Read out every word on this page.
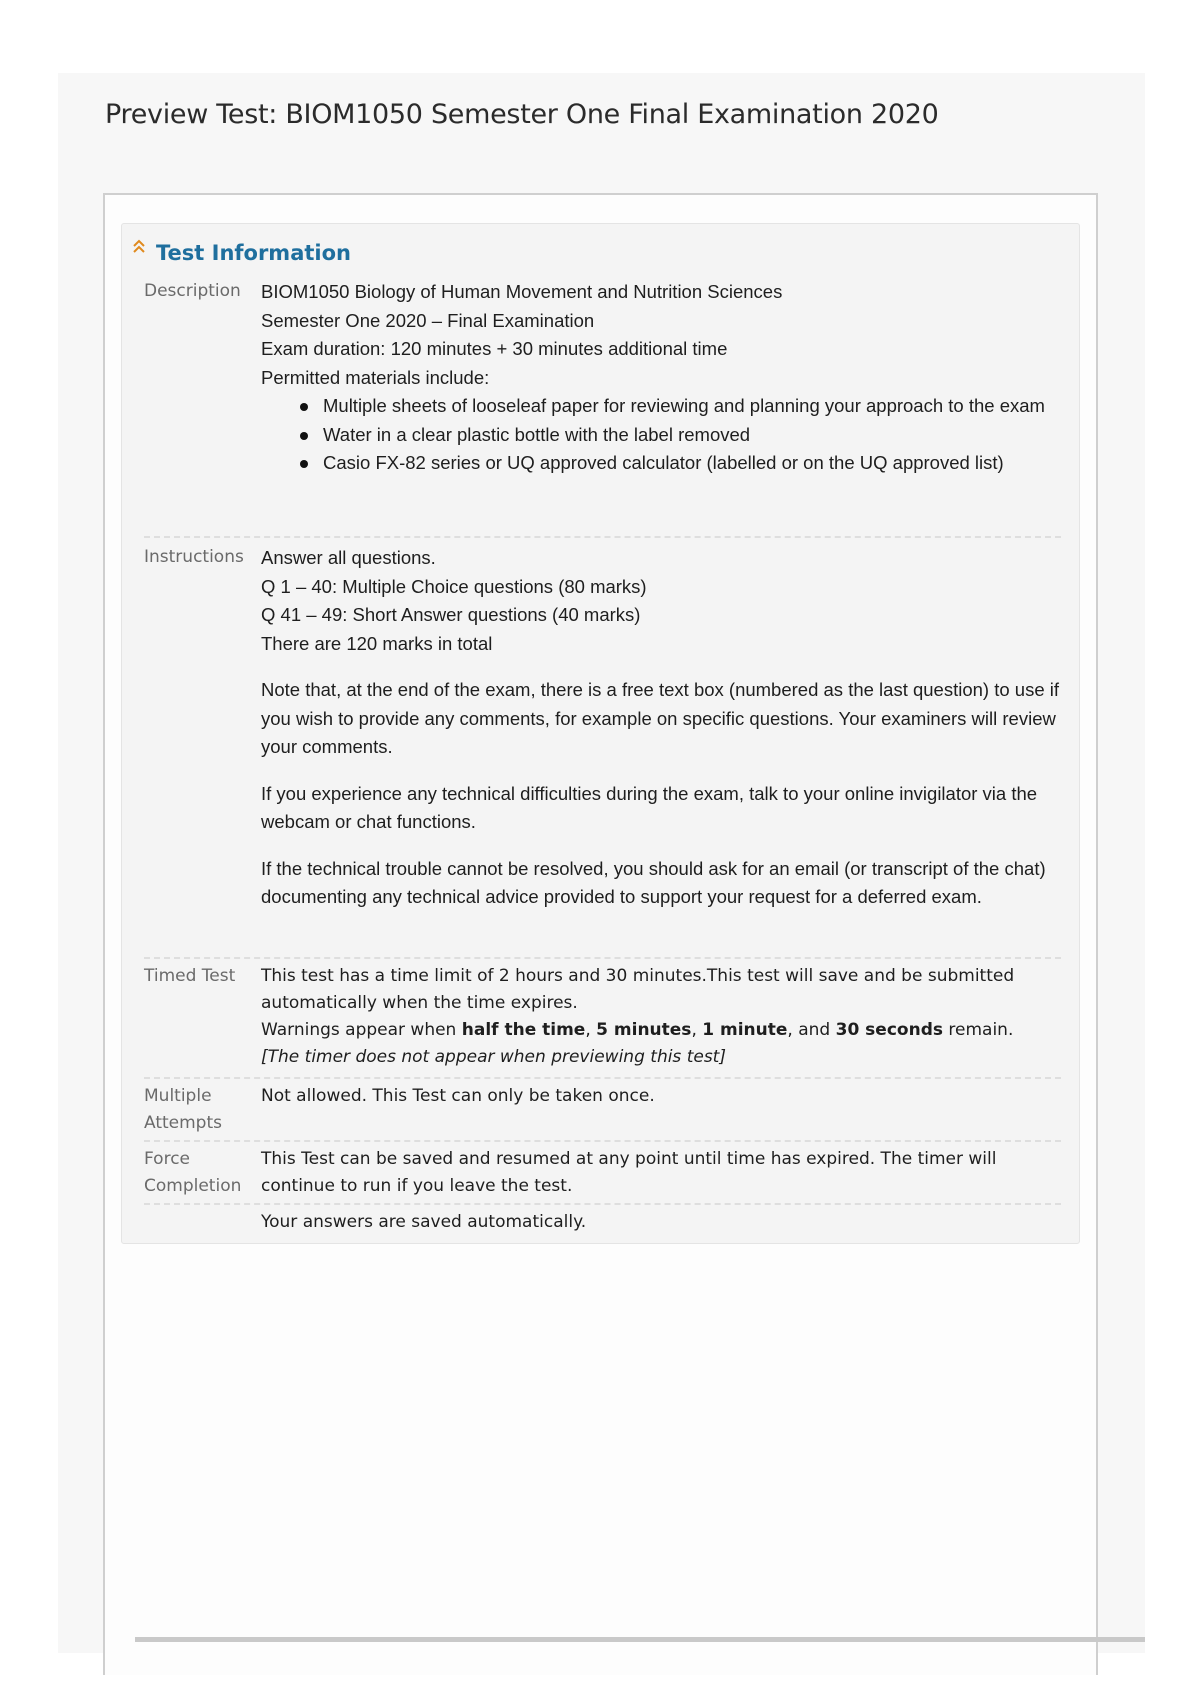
Preview Test: BIOM1050 Semester One Final Examination 2020
Test Information
Description	BIOM1050 Biology of Human Movement and Nutrition Sciences

Semester One 2020 – Final Examination

Exam duration: 120 minutes + 30 minutes additional time

Permitted materials include:

Multiple sheets of looseleaf paper for reviewing and planning your approach to the exam
Water in a clear plastic bottle with the label removed
Casio FX-82 series or UQ approved calculator (labelled or on the UQ approved list)
Instructions Answer all questions.

Q 1 – 40: Multiple Choice questions (80 marks)

Q 41 – 49: Short Answer questions (40 marks)

There are 120 marks in total

Note that, at the end of the exam, there is a free text box (numbered as the last question) to use if you wish to provide any comments, for example on specific questions. Your examiners will review your comments.

If you experience any technical difficulties during the exam, talk to your online invigilator via the webcam or chat functions.

If the technical trouble cannot be resolved, you should ask for an email (or transcript of the chat) documenting any technical advice provided to support your request for a deferred exam.

Timed Test	This test has a time limit of 2 hours and 30 minutes.This test will save and be submitted automatically when the time expires.

Warnings appear when half the time, 5 minutes, 1 minute, and 30 seconds remain.

[The timer does not appear when previewing this test]

Multiple
Attempts
Not allowed. This Test can only be taken once.
Force
Completion
This Test can be saved and resumed at any point until time has expired. The timer will continue to run if you leave the test.
Your answers are saved automatically.
